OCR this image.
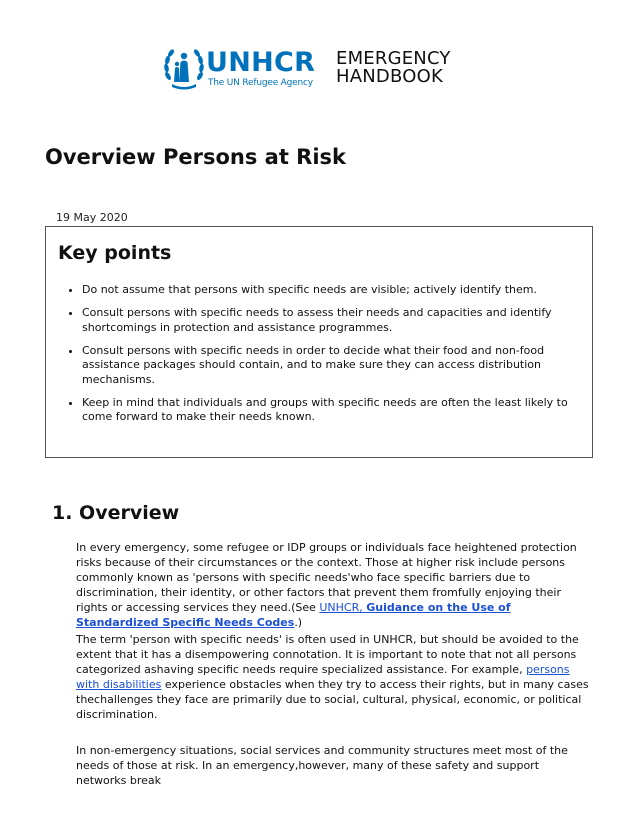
UNHCR
The UN Refugee Agency
EMERGENCY
HANDBOOK
Overview Persons at Risk
19 May 2020
Key points
• Do not assume that persons with specific needs are visible; actively identify them.
• Consult persons with specific needs to assess their needs and capacities and identify shortcomings in protection and assistance programmes.
• Consult persons with specific needs in order to decide what their food and non-food assistance packages should contain, and to make sure they can access distribution mechanisms.
• Keep in mind that individuals and groups with specific needs are often the least likely to come forward to make their needs known.
1. Overview

In every emergency, some refugee or IDP groups or individuals face heightened protection risks because of their circumstances or the context. Those at higher risk include persons commonly known as 'persons with specific needs'who face specific barriers due to discrimination, their identity, or other factors that prevent them fromfully enjoying their rights or accessing services they need.(See UNHCR, Guidance on the Use of Standardized Specific Needs Codes.)

The term 'person with specific needs' is often used in UNHCR, but should be avoided to the extent that it has a disempowering connotation. It is important to note that not all persons categorized ashaving specific needs require specialized assistance. For example, persons with disabilities experience obstacles when they try to access their rights, but in many cases thechallenges they face are primarily due to social, cultural, physical, economic, or political discrimination.

In non-emergency situations, social services and community structures meet most of the needs of those at risk. In an emergency,however, many of these safety and support networks break
